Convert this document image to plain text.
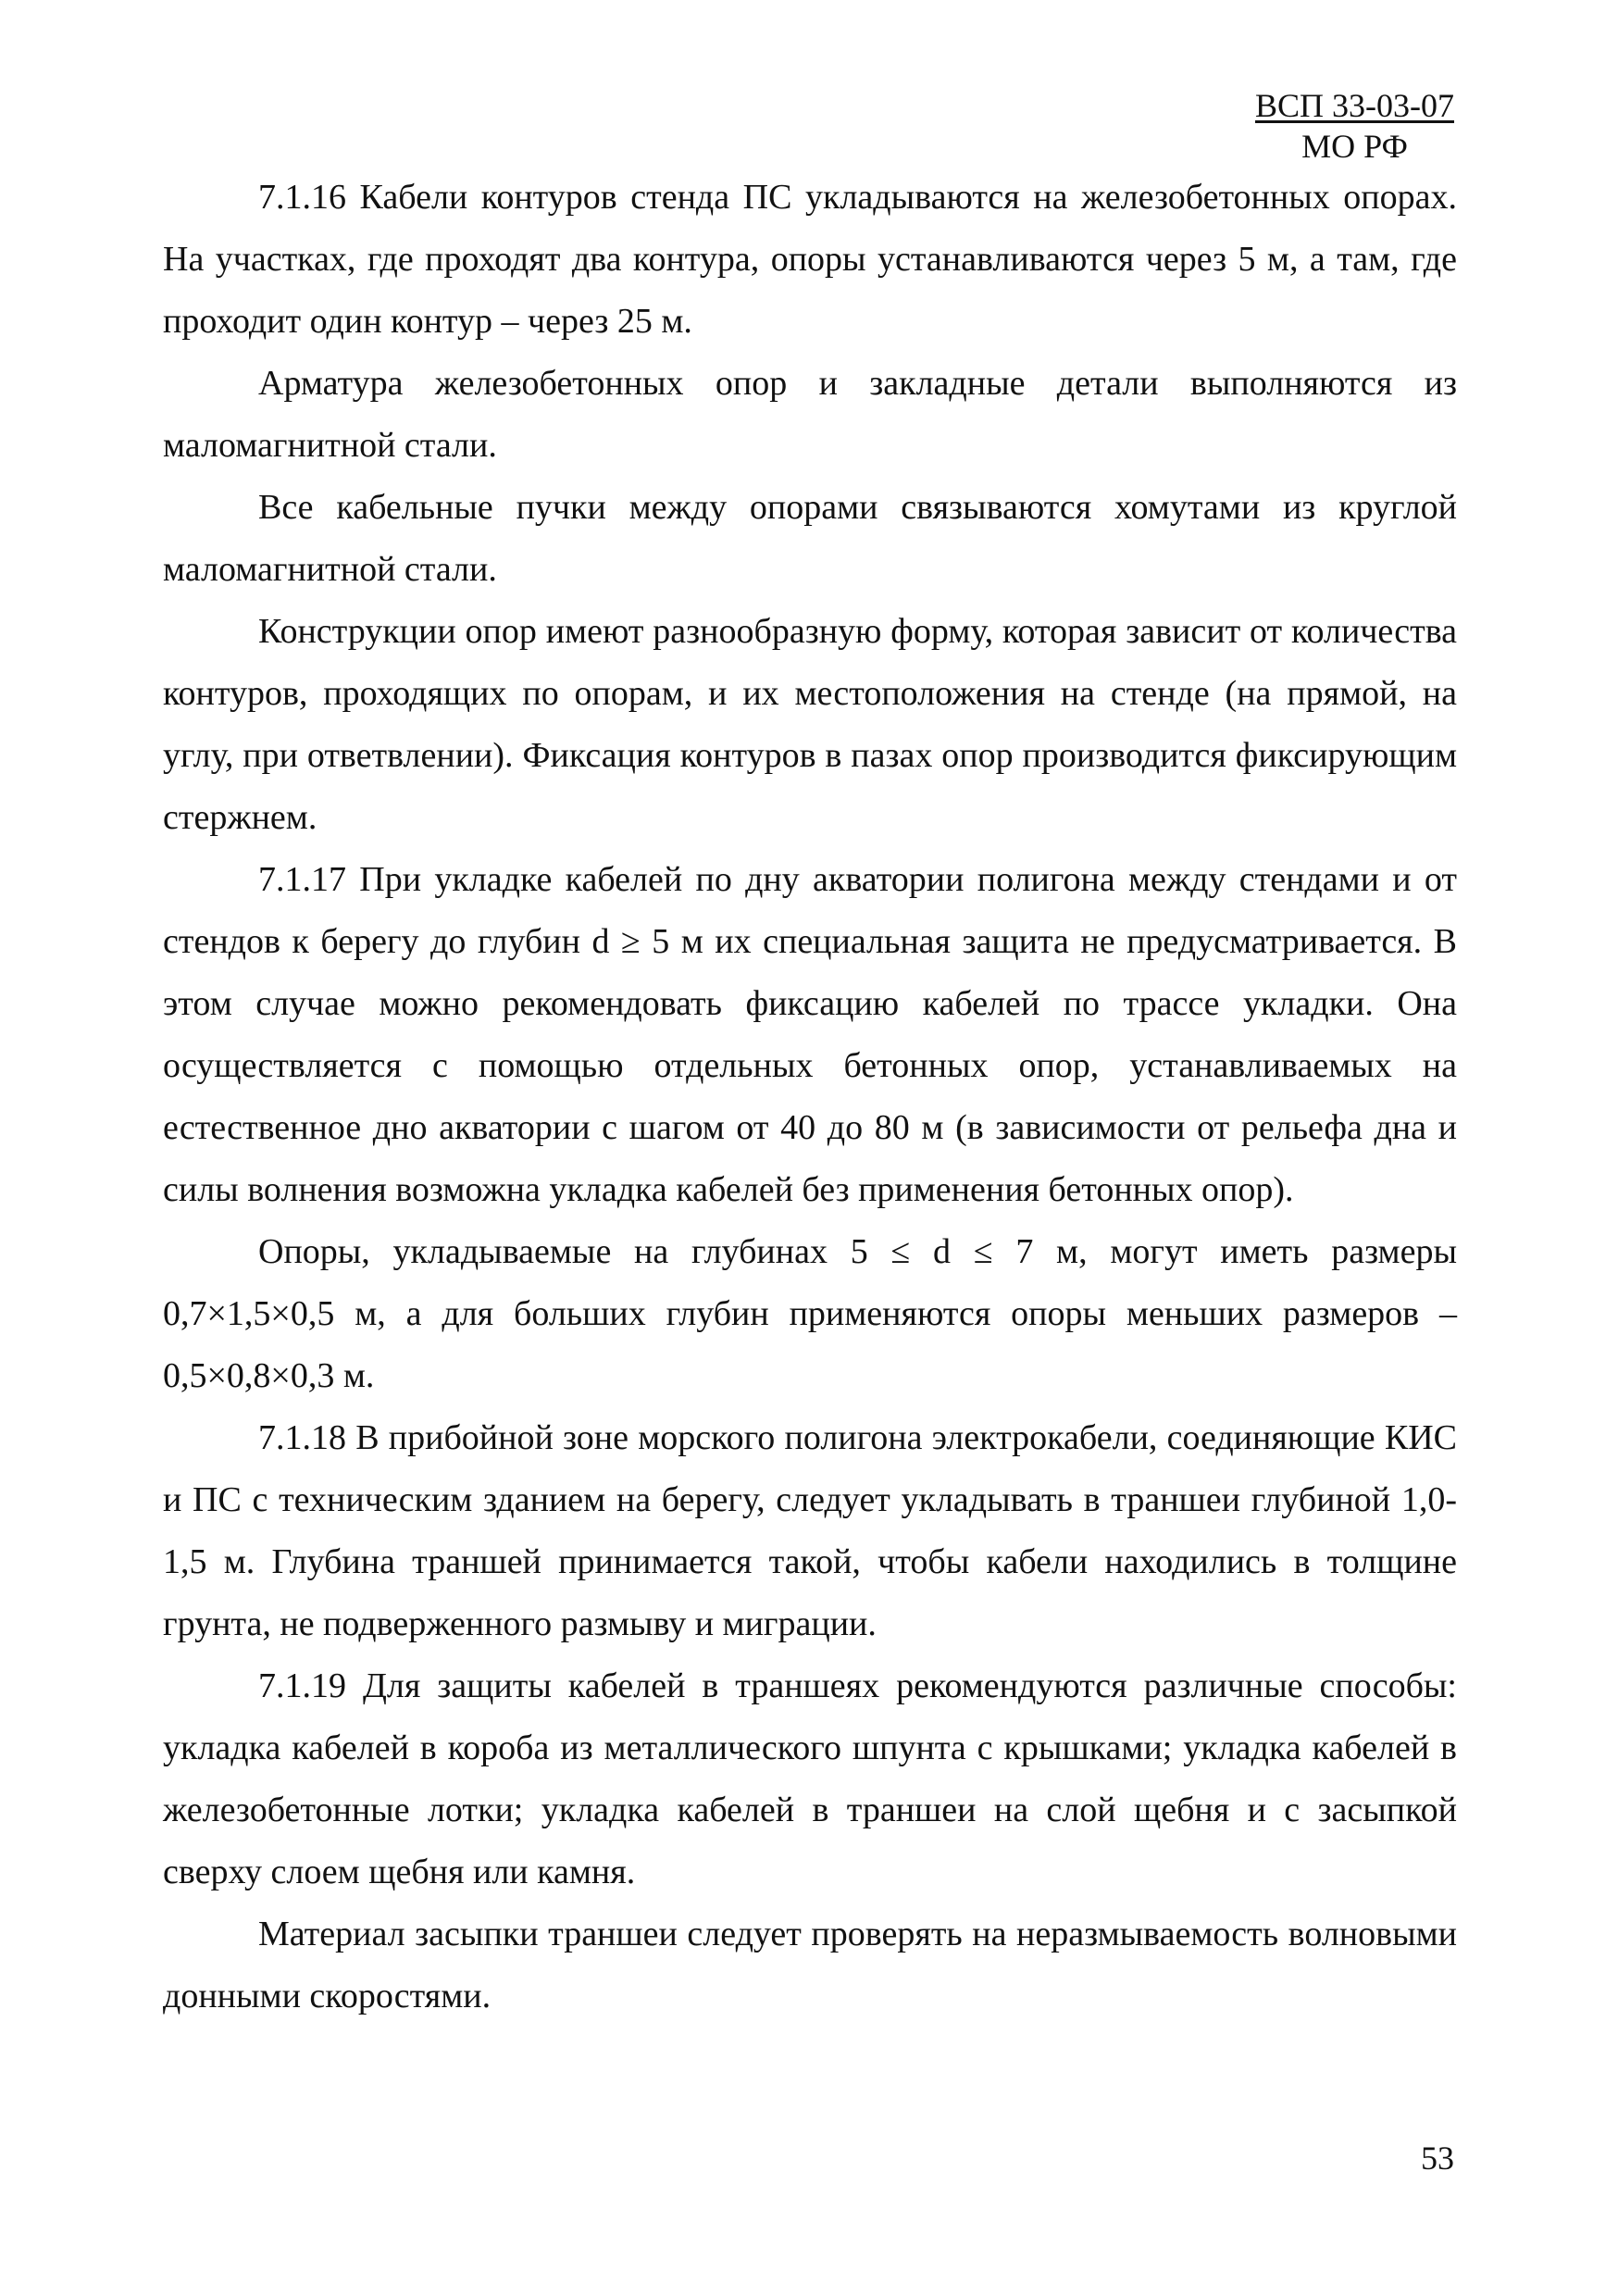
ВСП 33-03-07
МО РФ

7.1.16 Кабели контуров стенда ПС укладываются на железобетонных опорах. На участках, где проходят два контура, опоры устанавливаются через 5 м, а там, где проходит один контур – через 25 м.

Арматура железобетонных опор и закладные детали выполняются из маломагнитной стали.

Все кабельные пучки между опорами связываются хомутами из круглой маломагнитной стали.

Конструкции опор имеют разнообразную форму, которая зависит от количества контуров, проходящих по опорам, и их местоположения на стенде (на прямой, на углу, при ответвлении). Фиксация контуров в пазах опор производится фиксирующим стержнем.

7.1.17 При укладке кабелей по дну акватории полигона между стендами и от стендов к берегу до глубин d ≥ 5 м их специальная защита не предусматривается. В этом случае можно рекомендовать фиксацию кабелей по трассе укладки. Она осуществляется с помощью отдельных бетонных опор, устанавливаемых на естественное дно акватории с шагом от 40 до 80 м (в зависимости от рельефа дна и силы волнения возможна укладка кабелей без применения бетонных опор).

Опоры, укладываемые на глубинах 5 ≤ d ≤ 7 м, могут иметь размеры 0,7×1,5×0,5 м, а для больших глубин применяются опоры меньших размеров – 0,5×0,8×0,3 м.

7.1.18 В прибойной зоне морского полигона электрокабели, соединяющие КИС и ПС с техническим зданием на берегу, следует укладывать в траншеи глубиной 1,0-1,5 м. Глубина траншей принимается такой, чтобы кабели находились в толщине грунта, не подверженного размыву и миграции.

7.1.19 Для защиты кабелей в траншеях рекомендуются различные способы: укладка кабелей в короба из металлического шпунта с крышками; укладка кабелей в железобетонные лотки; укладка кабелей в траншеи на слой щебня и с засыпкой сверху слоем щебня или камня.

Материал засыпки траншеи следует проверять на неразмываемость волновыми донными скоростями.

53
